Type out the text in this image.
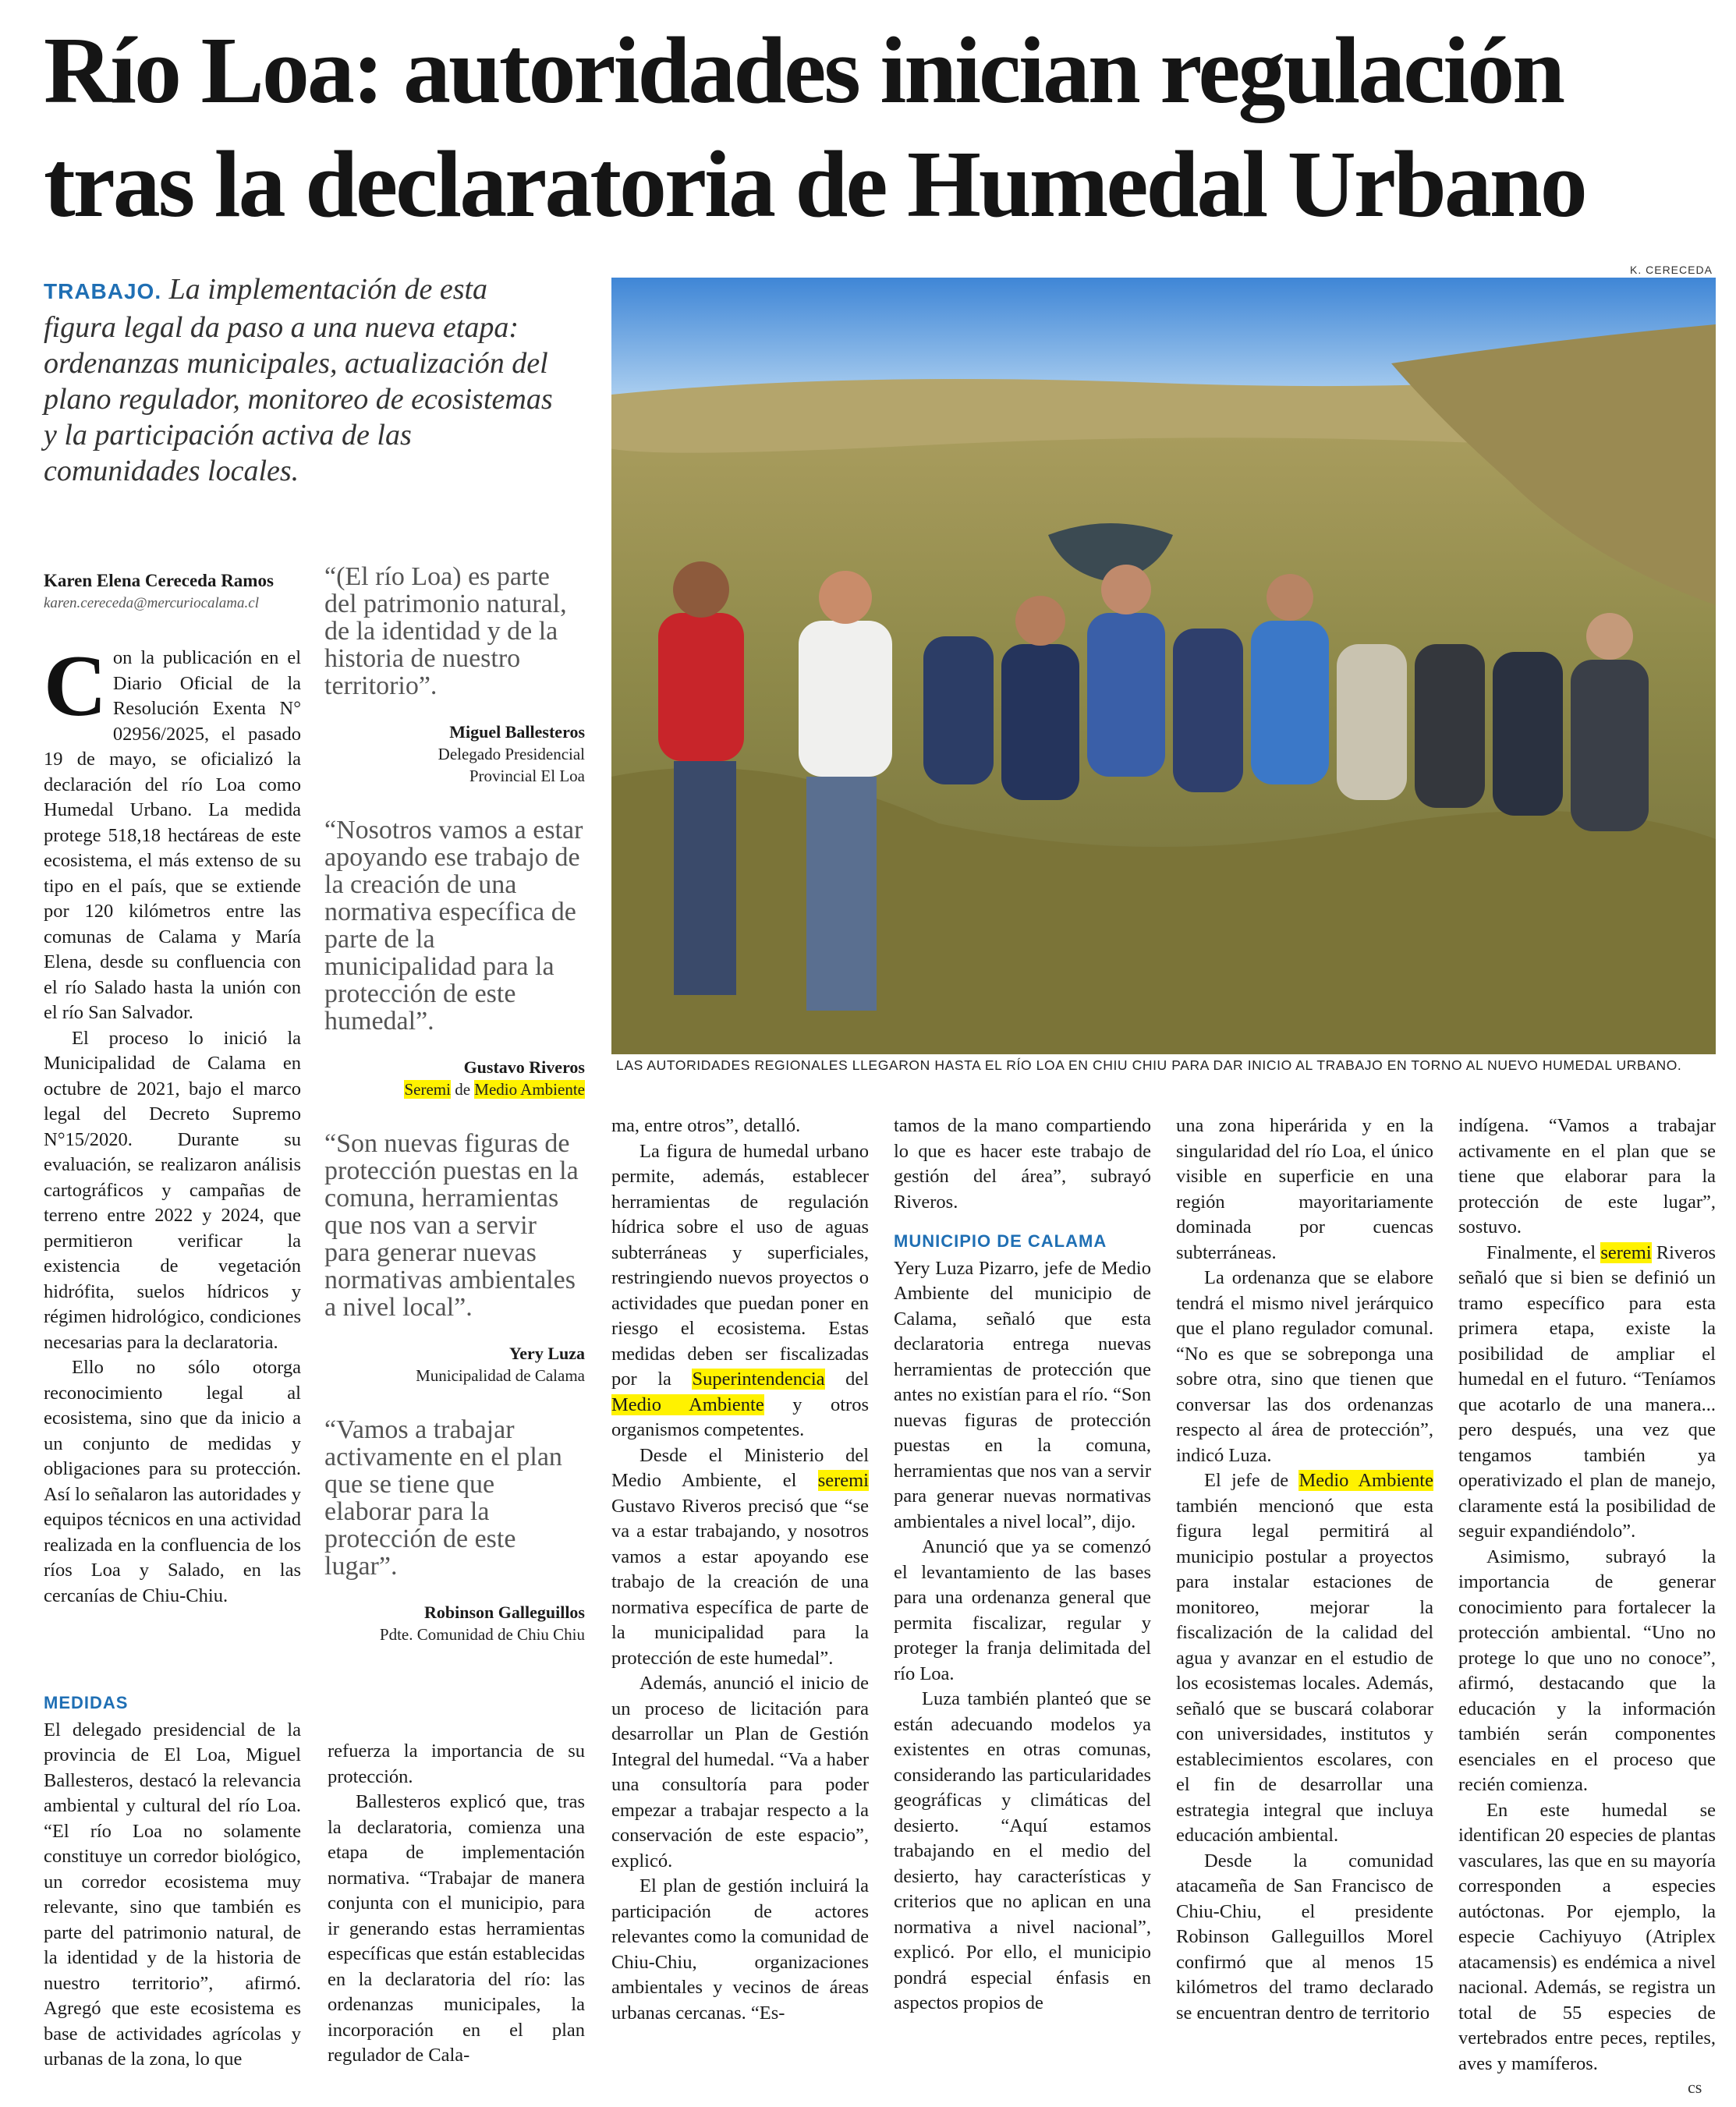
Río Loa: autoridades inician regulación tras la declaratoria de Humedal Urbano
TRABAJO. La implementación de esta figura legal da paso a una nueva etapa: ordenanzas municipales, actualización del plano regulador, monitoreo de ecosistemas y la participación activa de las comunidades locales.
Karen Elena Cereceda Ramos
karen.cereceda@mercuriocalama.cl

Con la publicación en el Diario Oficial de la Resolución Exenta N° 02956/2025, el pasado 19 de mayo, se oficializó la declaración del río Loa como Humedal Urbano. La medida protege 518,18 hectáreas de este ecosistema, el más extenso de su tipo en el país, que se extiende por 120 kilómetros entre las comunas de Calama y María Elena, desde su confluencia con el río Salado hasta la unión con el río San Salvador.

El proceso lo inició la Municipalidad de Calama en octubre de 2021, bajo el marco legal del Decreto Supremo N°15/2020. Durante su evaluación, se realizaron análisis cartográficos y campañas de terreno entre 2022 y 2024, que permitieron verificar la existencia de vegetación hidrófita, suelos hídricos y régimen hidrológico, condiciones necesarias para la declaratoria.

Ello no sólo otorga reconocimiento legal al ecosistema, sino que da inicio a un conjunto de medidas y obligaciones para su protección. Así lo señalaron las autoridades y equipos técnicos en una actividad realizada en la confluencia de los ríos Loa y Salado, en las cercanías de Chiu-Chiu.

MEDIDAS

El delegado presidencial de la provincia de El Loa, Miguel Ballesteros, destacó la relevancia ambiental y cultural del río Loa. “El río Loa no solamente constituye un corredor biológico, un corredor ecosistema muy relevante, sino que también es parte del patrimonio natural, de la identidad y de la historia de nuestro territorio”, afirmó. Agregó que este ecosistema es base de actividades agrícolas y urbanas de la zona, lo que

“(El río Loa) es parte del patrimonio natural, de la identidad y de la historia de nuestro territorio”.
Miguel Ballesteros
Delegado Presidencial
Provincial El Loa
“Nosotros vamos a estar apoyando ese trabajo de la creación de una normativa específica de parte de la municipalidad para la protección de este humedal”.
Gustavo Riveros
Seremi de Medio Ambiente
“Son nuevas figuras de protección puestas en la comuna, herramientas que nos van a servir para generar nuevas normativas ambientales a nivel local”.
Yery Luza
Municipalidad de Calama
“Vamos a trabajar activamente en el plan que se tiene que elaborar para la protección de este lugar”.
Robinson Galleguillos
Pdte. Comunidad de Chiu Chiu

refuerza la importancia de su protección.

Ballesteros explicó que, tras la declaratoria, comienza una etapa de implementación normativa. “Trabajar de manera conjunta con el municipio, para ir generando estas herramientas específicas que están establecidas en la declaratoria del río: las ordenanzas municipales, la incorporación en el plan regulador de Cala-

K. CERECEDA
LAS AUTORIDADES REGIONALES LLEGARON HASTA EL RÍO LOA EN CHIU CHIU PARA DAR INICIO AL TRABAJO EN TORNO AL NUEVO HUMEDAL URBANO.

ma, entre otros”, detalló.

La figura de humedal urbano permite, además, establecer herramientas de regulación hídrica sobre el uso de aguas subterráneas y superficiales, restringiendo nuevos proyectos o actividades que puedan poner en riesgo el ecosistema. Estas medidas deben ser fiscalizadas por la Superintendencia del Medio Ambiente y otros organismos competentes.

Desde el Ministerio del Medio Ambiente, el seremi Gustavo Riveros precisó que “se va a estar trabajando, y nosotros vamos a estar apoyando ese trabajo de la creación de una normativa específica de parte de la municipalidad para la protección de este humedal”.

Además, anunció el inicio de un proceso de licitación para desarrollar un Plan de Gestión Integral del humedal. “Va a haber una consultoría para poder empezar a trabajar respecto a la conservación de este espacio”, explicó.

El plan de gestión incluirá la participación de actores relevantes como la comunidad de Chiu-Chiu, organizaciones ambientales y vecinos de áreas urbanas cercanas. “Es-

tamos de la mano compartiendo lo que es hacer este trabajo de gestión del área”, subrayó Riveros.

MUNICIPIO DE CALAMA

Yery Luza Pizarro, jefe de Medio Ambiente del municipio de Calama, señaló que esta declaratoria entrega nuevas herramientas de protección que antes no existían para el río. “Son nuevas figuras de protección puestas en la comuna, herramientas que nos van a servir para generar nuevas normativas ambientales a nivel local”, dijo.

Anunció que ya se comenzó el levantamiento de las bases para una ordenanza general que permita fiscalizar, regular y proteger la franja delimitada del río Loa.

Luza también planteó que se están adecuando modelos ya existentes en otras comunas, considerando las particularidades geográficas y climáticas del desierto. “Aquí estamos trabajando en el medio del desierto, hay características y criterios que no aplican en una normativa a nivel nacional”, explicó. Por ello, el municipio pondrá especial énfasis en aspectos propios de

una zona hiperárida y en la singularidad del río Loa, el único visible en superficie en una región mayoritariamente dominada por cuencas subterráneas.

La ordenanza que se elabore tendrá el mismo nivel jerárquico que el plano regulador comunal. “No es que se sobreponga una sobre otra, sino que tienen que conversar las dos ordenanzas respecto al área de protección”, indicó Luza.

El jefe de Medio Ambiente también mencionó que esta figura legal permitirá al municipio postular a proyectos para instalar estaciones de monitoreo, mejorar la fiscalización de la calidad del agua y avanzar en el estudio de los ecosistemas locales. Además, señaló que se buscará colaborar con universidades, institutos y establecimientos escolares, con el fin de desarrollar una estrategia integral que incluya educación ambiental.

Desde la comunidad atacameña de San Francisco de Chiu-Chiu, el presidente Robinson Galleguillos Morel confirmó que al menos 15 kilómetros del tramo declarado se encuentran dentro de territorio

indígena. “Vamos a trabajar activamente en el plan que se tiene que elaborar para la protección de este lugar”, sostuvo.

Finalmente, el seremi Riveros señaló que si bien se definió un tramo específico para esta primera etapa, existe la posibilidad de ampliar el humedal en el futuro. “Teníamos que acotarlo de una manera... pero después, una vez que tengamos también ya operativizado el plan de manejo, claramente está la posibilidad de seguir expandiéndolo”.

Asimismo, subrayó la importancia de generar conocimiento para fortalecer la protección ambiental. “Uno no protege lo que uno no conoce”, afirmó, destacando que la educación y la información también serán componentes esenciales en el proceso que recién comienza.

En este humedal se identifican 20 especies de plantas vasculares, las que en su mayoría corresponden a especies autóctonas. Por ejemplo, la especie Cachiyuyo (Atriplex atacamensis) es endémica a nivel nacional. Además, se registra un total de 55 especies de vertebrados entre peces, reptiles, aves y mamíferos.

cs
